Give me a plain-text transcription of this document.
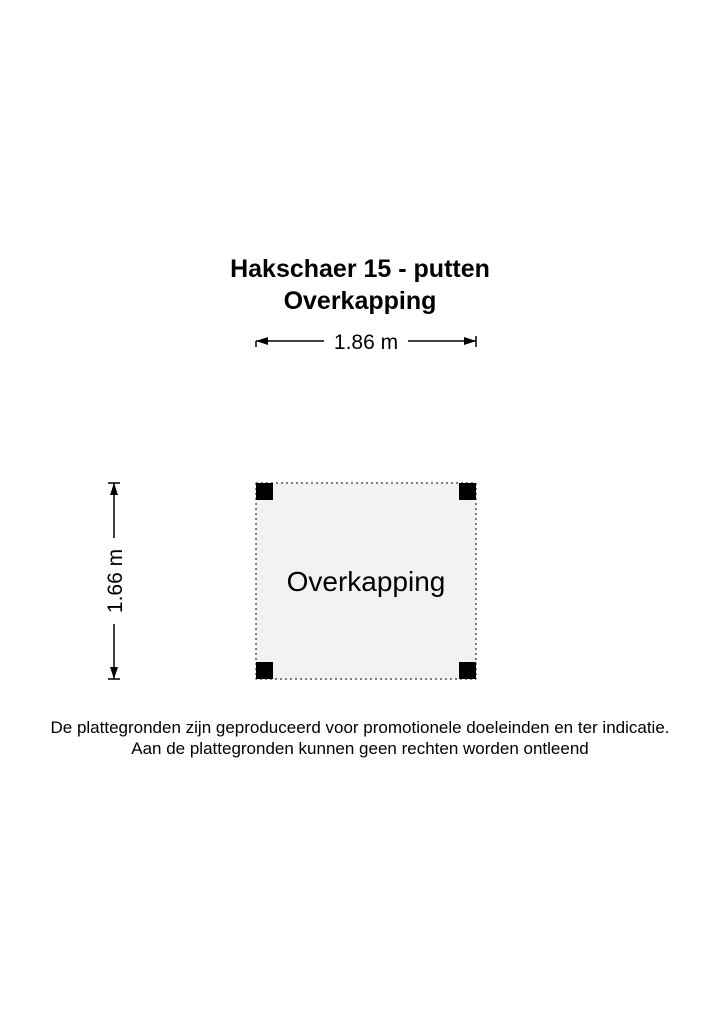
Hakschaer 15 - putten
Overkapping
1.86 m
1.66 m	Overkapping
De plattegronden zijn geproduceerd voor promotionele doeleinden en ter indicatie.
Aan de plattegronden kunnen geen rechten worden ontleend
